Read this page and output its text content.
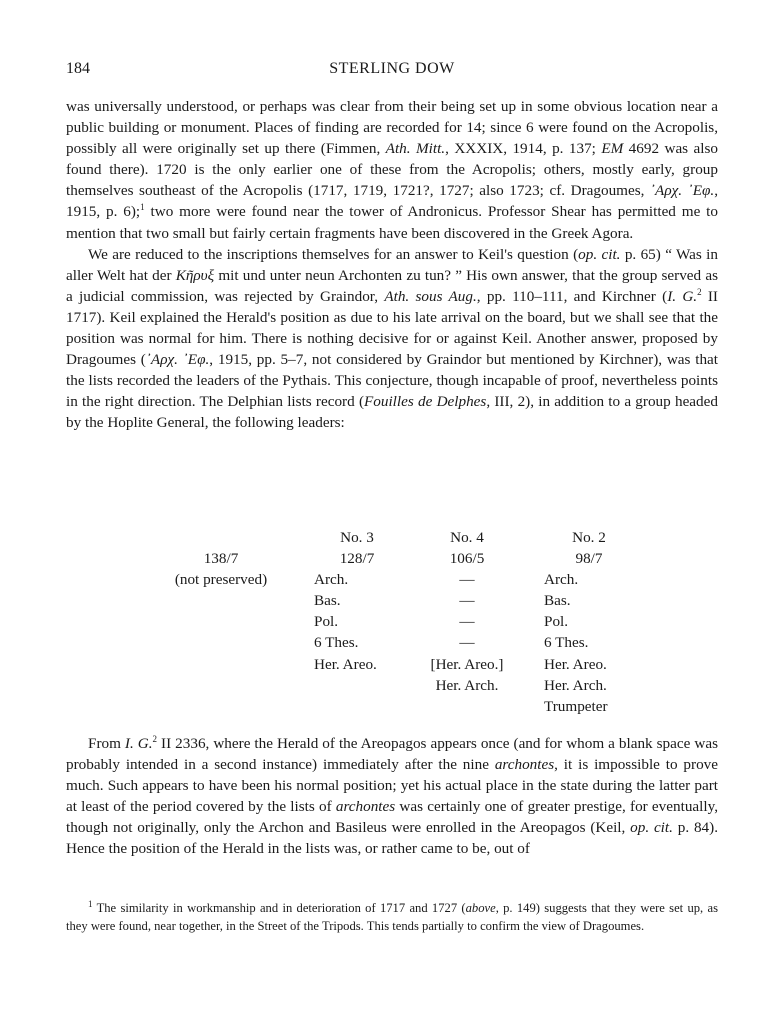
184	STERLING DOW

was universally understood, or perhaps was clear from their being set up in some obvious location near a public building or monument. Places of finding are recorded for 14; since 6 were found on the Acropolis, possibly all were originally set up there (Fimmen, Ath. Mitt., XXXIX, 1914, p. 137; EM 4692 was also found there). 1720 is the only earlier one of these from the Acropolis; others, mostly early, group themselves southeast of the Acropolis (1717, 1719, 1721?, 1727; also 1723; cf. Dragoumes, ᾿Αρχ. ᾿Εφ., 1915, p. 6);$^1$ two more were found near the tower of Andronicus. Professor Shear has permitted me to mention that two small but fairly certain fragments have been discovered in the Greek Agora.

We are reduced to the inscriptions themselves for an answer to Keil's question (op. cit. p. 65) “ Was in aller Welt hat der Κῆρυξ mit und unter neun Archonten zu tun? ” His own answer, that the group served as a judicial commission, was rejected by Graindor, Ath. sous Aug., pp. 110–111, and Kirchner (I. G.$^2$ II 1717). Keil explained the Herald's position as due to his late arrival on the board, but we shall see that the position was normal for him. There is nothing decisive for or against Keil. Another answer, proposed by Dragoumes (᾿Αρχ. ᾿Εφ., 1915, pp. 5–7, not considered by Graindor but mentioned by Kirchner), was that the lists recorded the leaders of the Pythais. This conjecture, though incapable of proof, nevertheless points in the right direction. The Delphian lists record (Fouilles de Delphes, III, 2), in addition to a group headed by the Hoplite General, the following leaders:

138/7
(not preserved)
No. 3
128/7
Arch.
Bas.
Pol.
6 Thes.
Her. Areo.
No. 4
106/5
—
—
—
—
[Her. Areo.]
Her. Arch.
No. 2
98/7
Arch.
Bas.
Pol.
6 Thes.
Her. Areo.
Her. Arch.
Trumpeter

From I. G.$^2$ II 2336, where the Herald of the Areopagos appears once (and for whom a blank space was probably intended in a second instance) immediately after the nine archontes, it is impossible to prove much. Such appears to have been his normal position; yet his actual place in the state during the latter part at least of the period covered by the lists of archontes was certainly one of greater prestige, for eventually, though not originally, only the Archon and Basileus were enrolled in the Areopagos (Keil, op. cit. p. 84). Hence the position of the Herald in the lists was, or rather came to be, out of

$^1$ The similarity in workmanship and in deterioration of 1717 and 1727 (above, p. 149) suggests that they were set up, as they were found, near together, in the Street of the Tripods. This tends partially to confirm the view of Dragoumes.
